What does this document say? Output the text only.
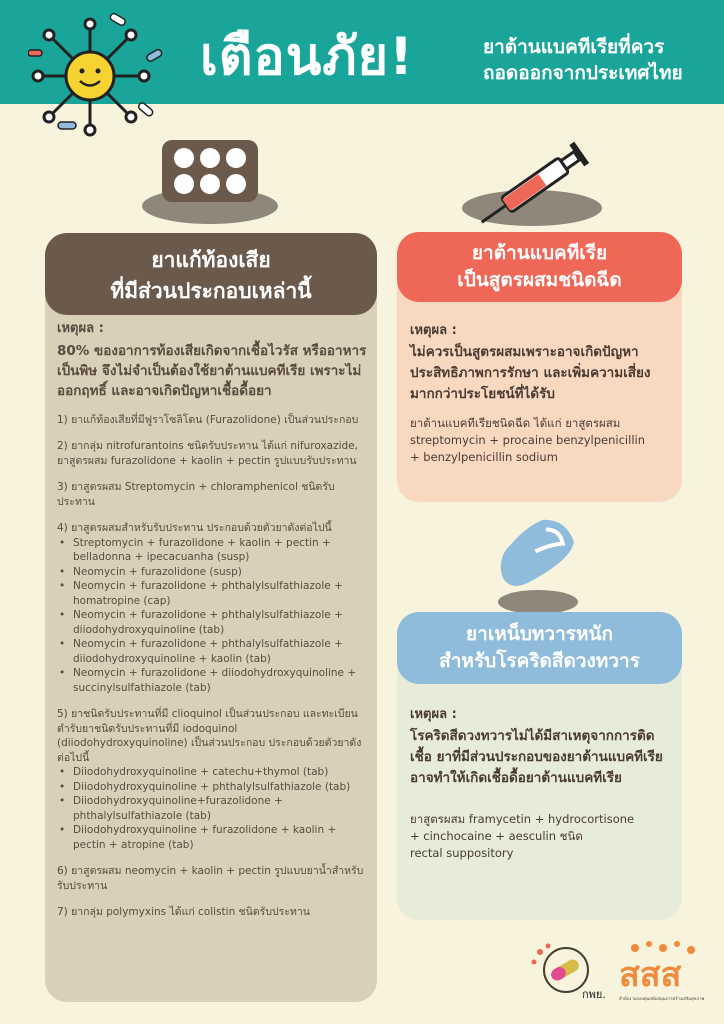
เตือนภัย!	ยาต้านแบคทีเรียที่ควร
ถอดออกจากประเทศไทย
ยาแก้ท้องเสีย
ที่มีส่วนประกอบเหล่านี้
เหตุผล :
80% ของอาการท้องเสียเกิดจากเชื้อไวรัส หรืออาหารเป็นพิษ จึงไม่จำเป็นต้องใช้ยาต้านแบคทีเรีย เพราะไม่ออกฤทธิ์ และอาจเกิดปัญหาเชื้อดื้อยา
1) ยาแก้ท้องเสียที่มีฟูราโซลิโดน (Furazolidone) เป็นส่วนประกอบ
2) ยากลุ่ม nitrofurantoins ชนิดรับประทาน ได้แก่ nifuroxazide, ยาสูตรผสม furazolidone + kaolin + pectin รูปแบบรับประทาน
3) ยาสูตรผสม Streptomycin + chloramphenicol ชนิดรับประทาน
4) ยาสูตรผสมสำหรับรับประทาน ประกอบด้วยตัวยาดังต่อไปนี้
• Streptomycin + furazolidone + kaolin + pectin + belladonna + ipecacuanha (susp)
• Neomycin + furazolidone (susp)
• Neomycin + furazolidone + phthalylsulfathiazole + homatropine (cap)
• Neomycin + furazolidone + phthalylsulfathiazole + diiodohydroxyquinoline (tab)
• Neomycin + furazolidone + phthalylsulfathiazole + diiodohydroxyquinoline + kaolin (tab)
• Neomycin + furazolidone + diiodohydroxyquinoline + succinylsulfathiazole (tab)
5) ยาชนิดรับประทานที่มี clioquinol เป็นส่วนประกอบ และทะเบียนตำรับยาชนิดรับประทานที่มี iodoquinol (diiodohydroxyquinoline) เป็นส่วนประกอบ ประกอบด้วยตัวยาดังต่อไปนี้
• Diiodohydroxyquinoline + catechu+thymol (tab)
• Diiodohydroxyquinoline + phthalylsulfathiazole (tab)
• Diiodohydroxyquinoline+furazolidone + phthalylsulfathiazole (tab)
• Diiodohydroxyquinoline + furazolidone + kaolin + pectin + atropine (tab)
6) ยาสูตรผสม neomycin + kaolin + pectin รูปแบบยาน้ำสำหรับรับประทาน
7) ยากลุ่ม polymyxins ได้แก่ colistin ชนิดรับประทาน
ยาต้านแบคทีเรีย
เป็นสูตรผสมชนิดฉีด
เหตุผล :
ไม่ควรเป็นสูตรผสมเพราะอาจเกิดปัญหาประสิทธิภาพการรักษา และเพิ่มความเสี่ยงมากกว่าประโยชน์ที่ได้รับ
ยาต้านแบคทีเรียชนิดฉีด ได้แก่ ยาสูตรผสม
streptomycin + procaine benzylpenicillin
+ benzylpenicillin sodium
ยาเหน็บทวารหนัก
สำหรับโรคริดสีดวงทวาร
เหตุผล :
โรคริดสีดวงทวารไม่ได้มีสาเหตุจากการติดเชื้อ ยาที่มีส่วนประกอบของยาต้านแบคทีเรียอาจทำให้เกิดเชื้อดื้อยาต้านแบคทีเรีย
ยาสูตรผสม framycetin + hydrocortisone
+ cinchocaine + aesculin ชนิด
rectal suppository
กพย. สสส
สำนักงานกองทุนสนับสนุนการสร้างเสริมสุขภาพ
